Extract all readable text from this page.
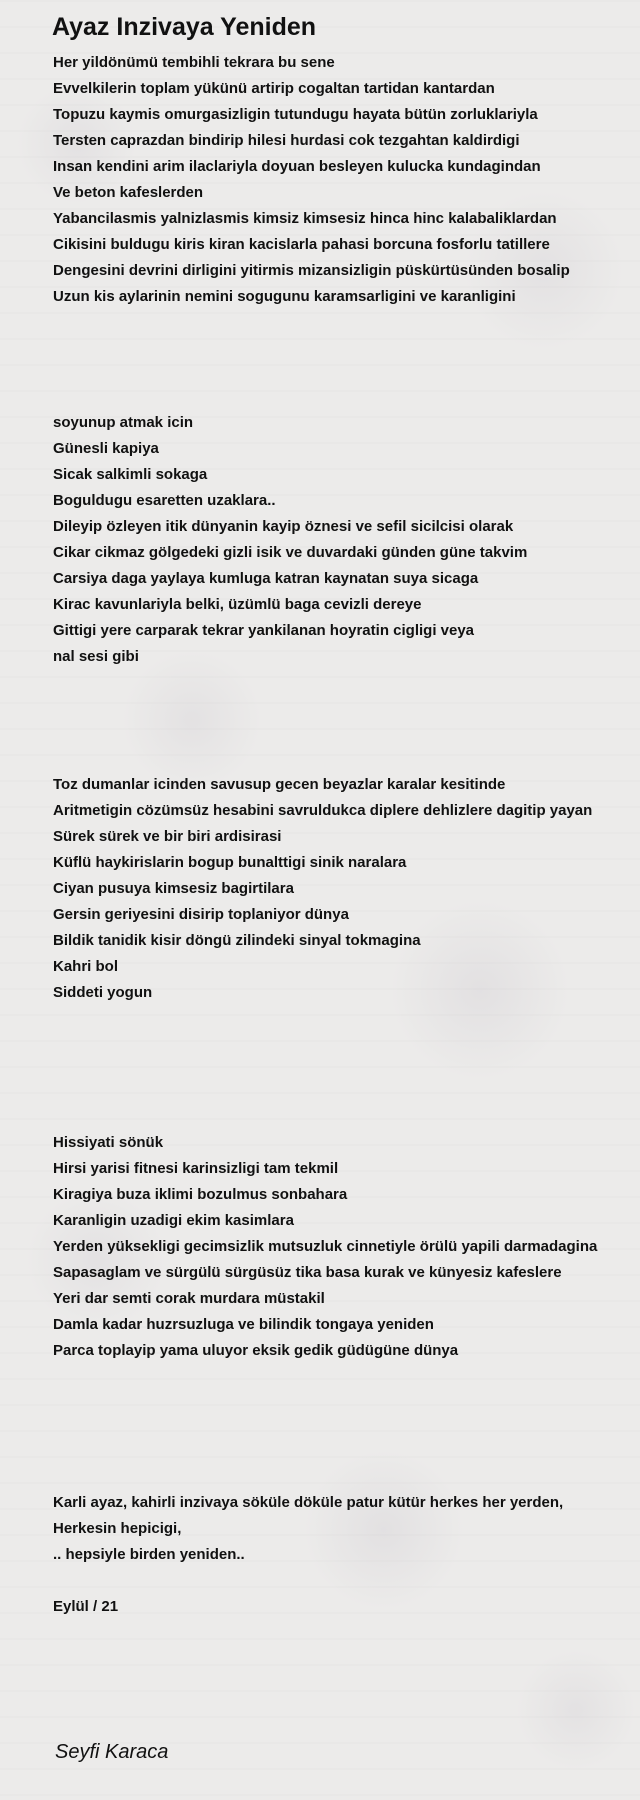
Ayaz Inzivaya Yeniden
Her yildönümü tembihli tekrara bu sene
Evvelkilerin toplam yükünü artirip cogaltan tartidan kantardan
Topuzu kaymis omurgasizligin tutundugu hayata bütün zorluklariyla
Tersten caprazdan bindirip hilesi hurdasi cok tezgahtan kaldirdigi
Insan kendini arim ilaclariyla doyuan besleyen kulucka kundagindan
Ve beton kafeslerden
Yabancilasmis yalnizlasmis kimsiz kimsesiz hinca hinc kalabaliklardan
Cikisini buldugu kiris kiran kacislarla pahasi borcuna fosforlu tatillere
Dengesini devrini dirligini yitirmis mizansizligin püskürtüsünden bosalip
Uzun kis aylarinin nemini sogugunu karamsarligini ve karanligini
soyunup atmak icin
Günesli kapiya
Sicak salkimli sokaga
Boguldugu esaretten uzaklara..
Dileyip özleyen itik dünyanin kayip öznesi ve sefil sicilcisi olarak
Cikar cikmaz gölgedeki gizli isik ve duvardaki günden güne takvim
Carsiya daga yaylaya kumluga katran kaynatan suya sicaga
Kirac kavunlariyla belki, üzümlü baga cevizli dereye
Gittigi yere carparak tekrar yankilanan hoyratin cigligi veya
nal sesi gibi
Toz dumanlar icinden savusup gecen beyazlar karalar kesitinde
Aritmetigin cözümsüz hesabini savruldukca diplere dehlizlere dagitip yayan
Sürek sürek ve bir biri ardisirasi
Küflü haykirislarin bogup bunalttigi sinik naralara
Ciyan pusuya kimsesiz bagirtilara
Gersin geriyesini disirip toplaniyor dünya
Bildik tanidik kisir döngü zilindeki sinyal tokmagina
Kahri bol
Siddeti yogun
Hissiyati sönük
Hirsi yarisi fitnesi karinsizligi tam tekmil
Kiragiya buza iklimi bozulmus sonbahara
Karanligin uzadigi ekim kasimlara
Yerden yüksekligi gecimsizlik mutsuzluk cinnetiyle örülü yapili darmadagina
Sapasaglam ve sürgülü sürgüsüz tika basa kurak ve künyesiz kafeslere
Yeri dar semti corak murdara müstakil
Damla kadar huzrsuzluga ve bilindik tongaya yeniden
Parca toplayip yama uluyor eksik gedik güdügüne dünya
Karli ayaz, kahirli inzivaya söküle döküle patur kütür herkes her yerden,
Herkesin hepicigi,
.. hepsiyle birden yeniden..
Eylül / 21
Seyfi Karaca
